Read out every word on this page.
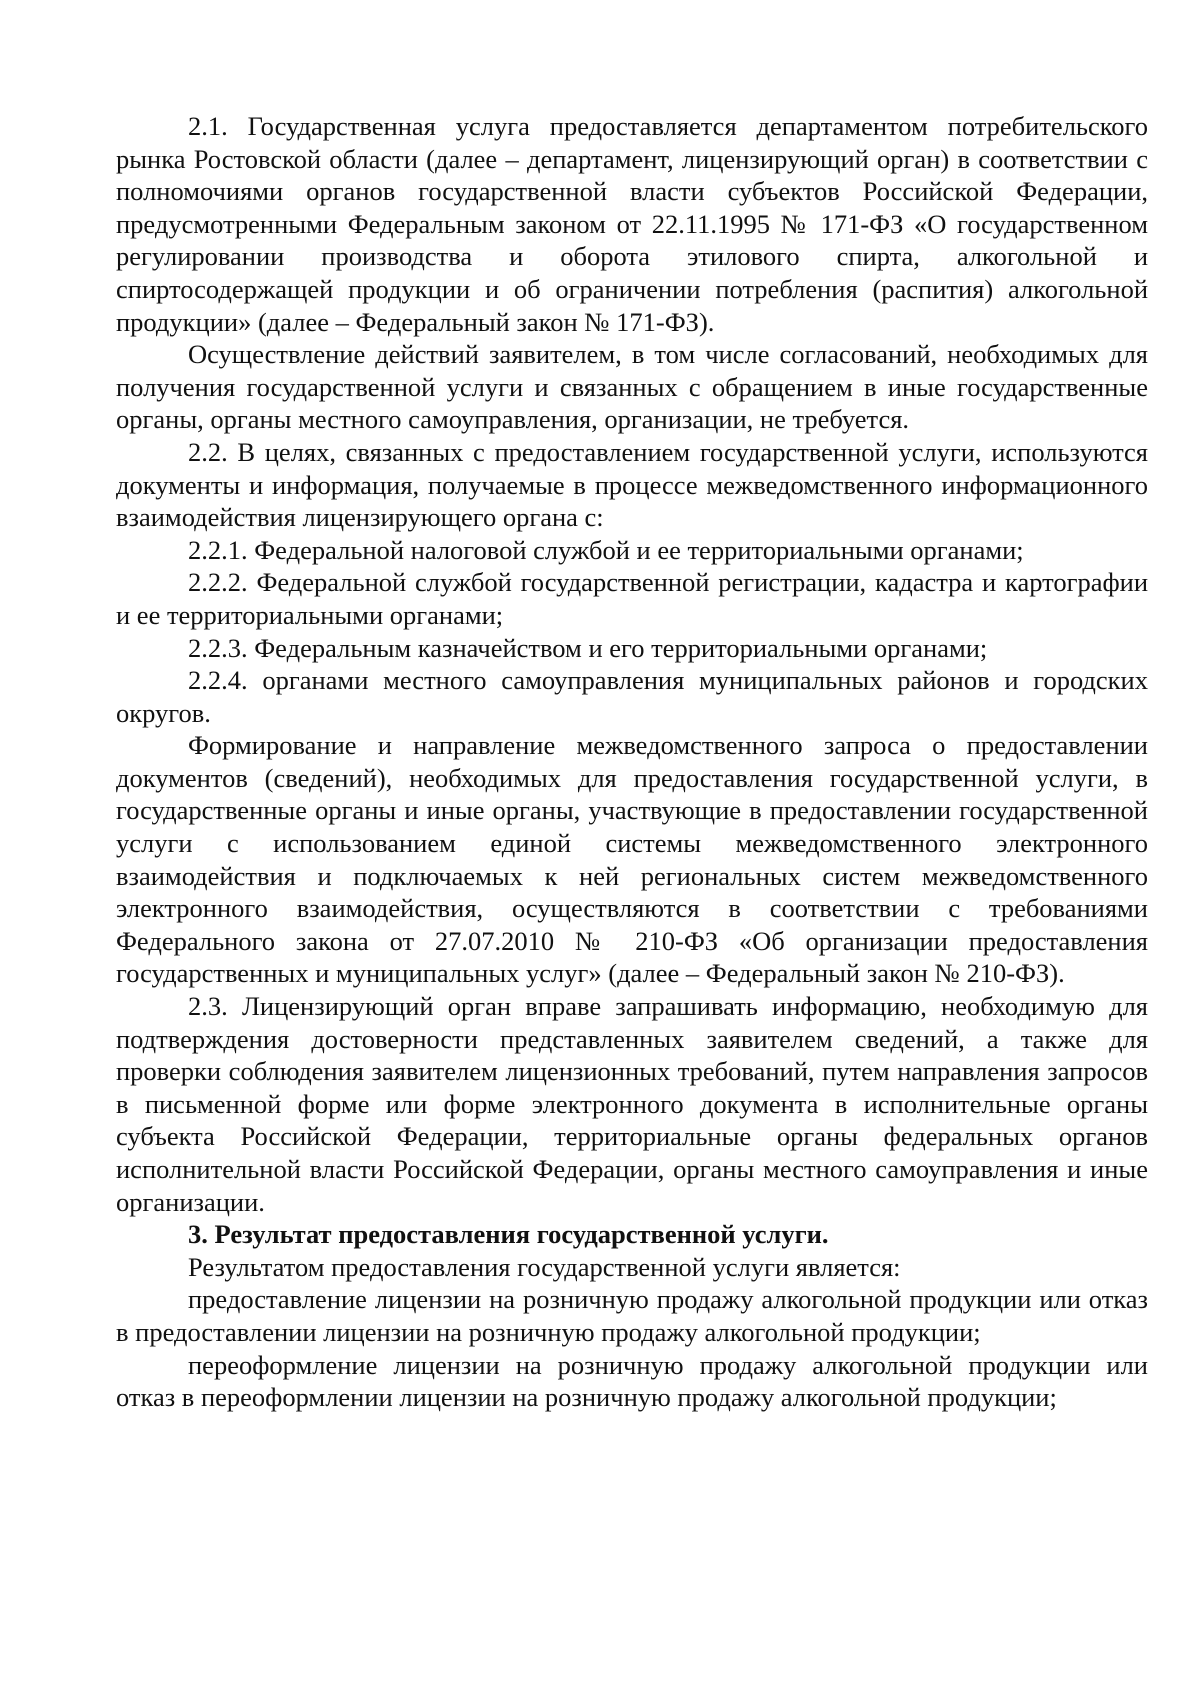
2.1. Государственная услуга предоставляется департаментом потребительского рынка Ростовской области (далее – департамент, лицензирующий орган) в соответствии с полномочиями органов государственной власти субъектов Российской Федерации, предусмотренными Федеральным законом от 22.11.1995 № 171-ФЗ «О государственном регулировании производства и оборота этилового спирта, алкогольной и спиртосодержащей продукции и об ограничении потребления (распития) алкогольной продукции» (далее – Федеральный закон № 171-ФЗ).

Осуществление действий заявителем, в том числе согласований, необходимых для получения государственной услуги и связанных с обращением в иные государственные органы, органы местного самоуправления, организации, не требуется.

2.2. В целях, связанных с предоставлением государственной услуги, используются документы и информация, получаемые в процессе межведомственного информационного взаимодействия лицензирующего органа с:

2.2.1. Федеральной налоговой службой и ее территориальными органами;

2.2.2. Федеральной службой государственной регистрации, кадастра и картографии и ее территориальными органами;

2.2.3. Федеральным казначейством и его территориальными органами;

2.2.4. органами местного самоуправления муниципальных районов и городских округов.

Формирование и направление межведомственного запроса о предоставлении документов (сведений), необходимых для предоставления государственной услуги, в государственные органы и иные органы, участвующие в предоставлении государственной услуги с использованием единой системы межведомственного электронного взаимодействия и подключаемых к ней региональных систем межведомственного электронного взаимодействия, осуществляются в соответствии с требованиями Федерального закона от 27.07.2010 № 210-ФЗ «Об организации предоставления государственных и муниципальных услуг» (далее – Федеральный закон № 210-ФЗ).

2.3. Лицензирующий орган вправе запрашивать информацию, необходимую для подтверждения достоверности представленных заявителем сведений, а также для проверки соблюдения заявителем лицензионных требований, путем направления запросов в письменной форме или форме электронного документа в исполнительные органы субъекта Российской Федерации, территориальные органы федеральных органов исполнительной власти Российской Федерации, органы местного самоуправления и иные организации.

3. Результат предоставления государственной услуги.

Результатом предоставления государственной услуги является:

предоставление лицензии на розничную продажу алкогольной продукции или отказ в предоставлении лицензии на розничную продажу алкогольной продукции;

переоформление лицензии на розничную продажу алкогольной продукции или отказ в переоформлении лицензии на розничную продажу алкогольной продукции;
